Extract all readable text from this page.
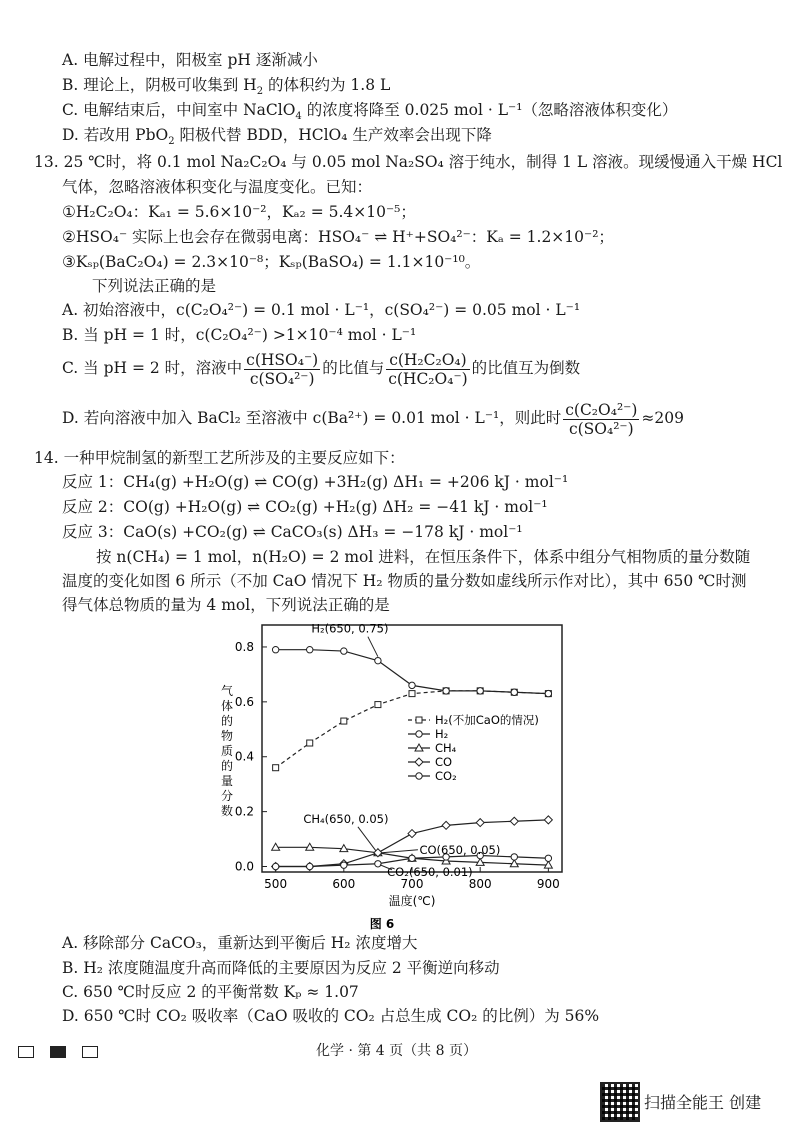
A. 电解过程中，阳极室 pH 逐渐减小
B. 理论上，阴极可收集到 $H_2$ 的体积约为 1.8 L
C. 电解结束后，中间室中 NaClO$_4$ 的浓度将降至 0.025 mol · L⁻¹（忽略溶液体积变化）
D. 若改用 PbO$_2$ 阳极代替 BDD，HClO₄ 生产效率会出现下降
13. 25 ℃时，将 0.1 mol Na₂C₂O₄ 与 0.05 mol Na₂SO₄ 溶于纯水，制得 1 L 溶液。现缓慢通入干燥 HCl
气体，忽略溶液体积变化与温度变化。已知：
①H₂C₂O₄：Kₐ₁ = 5.6×10⁻²，Kₐ₂ = 5.4×10⁻⁵；
②HSO₄⁻ 实际上也会存在微弱电离：HSO₄⁻ ⇌ H⁺+SO₄²⁻：Kₐ = 1.2×10⁻²；
③Kₛₚ(BaC₂O₄) = 2.3×10⁻⁸；Kₛₚ(BaSO₄) = 1.1×10⁻¹⁰。
下列说法正确的是
A. 初始溶液中，c(C₂O₄²⁻) = 0.1 mol · L⁻¹，c(SO₄²⁻) = 0.05 mol · L⁻¹
B. 当 pH = 1 时，c(C₂O₄²⁻) >1×10⁻⁴ mol · L⁻¹
C. 当 pH = 2 时，溶液中 $\frac{\text{c(HSO₄⁻)}}{\text{c(SO₄²⁻)}}$ 的比值与 $\frac{\text{c(H₂C₂O₄)}}{\text{c(HC₂O₄⁻)}}$ 的比值互为倒数
D. 若向溶液中加入 BaCl₂ 至溶液中 c(Ba²⁺) = 0.01 mol · L⁻¹，则此时 $\frac{\text{c(C₂O₄²⁻)}}{\text{c(SO₄²⁻)}} \approx 209$
14. 一种甲烷制氢的新型工艺所涉及的主要反应如下：
反应 1：CH₄(g) +H₂O(g) ⇌ CO(g) +3H₂(g) ΔH₁ = +206 kJ · mol⁻¹
反应 2：CO(g) +H₂O(g) ⇌ CO₂(g) +H₂(g) ΔH₂ = −41 kJ · mol⁻¹
反应 3：CaO(s) +CO₂(g) ⇌ CaCO₃(s) ΔH₃ = −178 kJ · mol⁻¹
按 n(CH₄) = 1 mol，n(H₂O) = 2 mol 进料，在恒压条件下，体系中组分气相物质的量分数随
温度的变化如图 6 所示（不加 CaO 情况下 H₂ 物质的量分数如虚线所示作对比），其中 650 ℃时测
得气体总物质的量为 4 mol，下列说法正确的是
500	600	700	800	900
0.0
0.2
0.4
0.6
0.8
温度(℃)
气体的物质的量分数
图 6
H₂(650, 0.75)
CH₄(650, 0.05)
CO(650, 0.05)
CO₂(650, 0.01)
H₂(不加CaO的情况)
H₂
CH₄
CO
CO₂
A. 移除部分 CaCO₃，重新达到平衡后 H₂ 浓度增大
B. H₂ 浓度随温度升高而降低的主要原因为反应 2 平衡逆向移动
C. 650 ℃时反应 2 的平衡常数 Kₚ ≈ 1.07
D. 650 ℃时 CO₂ 吸收率（CaO 吸收的 CO₂ 占总生成 CO₂ 的比例）为 56%
化学 · 第 4 页（共 8 页）
扫描全能王 创建
